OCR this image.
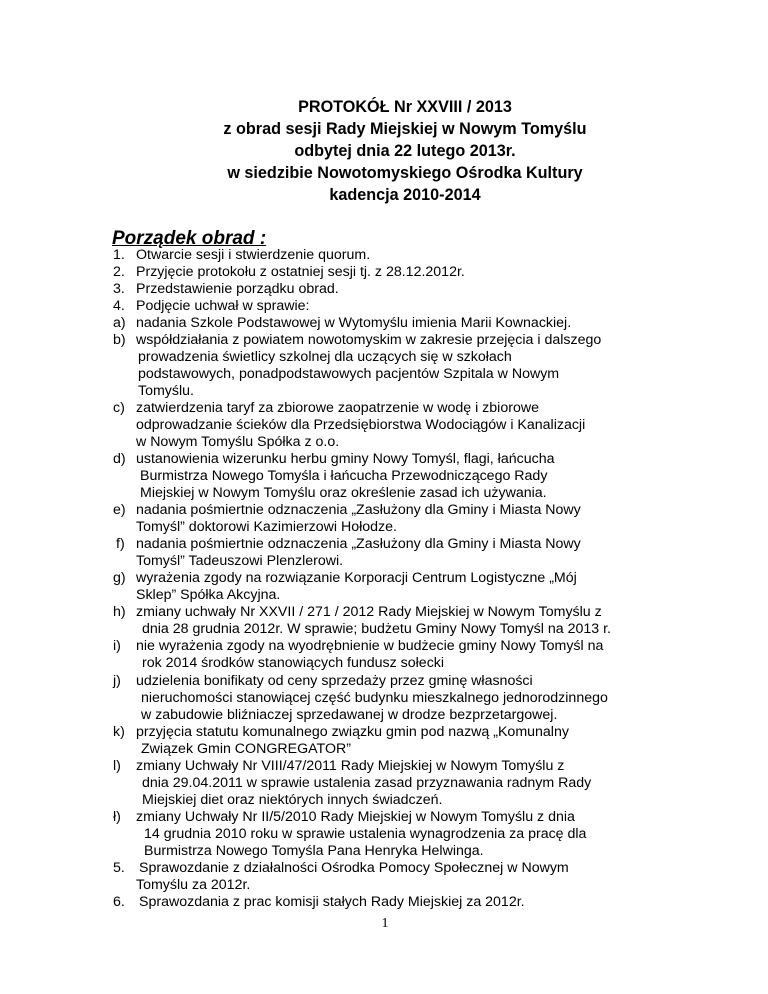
PROTOKÓŁ Nr XXVIII / 2013
z obrad sesji Rady Miejskiej w Nowym Tomyślu
odbytej dnia 22 lutego 2013r.
w siedzibie Nowotomyskiego Ośrodka Kultury
kadencja 2010-2014
Porządek obrad :
1. Otwarcie sesji i stwierdzenie quorum.
2. Przyjęcie protokołu z ostatniej sesji tj. z 28.12.2012r.
3. Przedstawienie porządku obrad.
4. Podjęcie uchwał w sprawie:
a) nadania Szkole Podstawowej w Wytomyślu imienia Marii Kownackiej.
b) współdziałania z powiatem nowotomyskim w zakresie przejęcia i dalszego
prowadzenia świetlicy szkolnej dla uczących się w szkołach
podstawowych, ponadpodstawowych pacjentów Szpitala w Nowym
Tomyślu.
c) zatwierdzenia taryf za zbiorowe zaopatrzenie w wodę i zbiorowe
odprowadzanie ścieków dla Przedsiębiorstwa Wodociągów i Kanalizacji
w Nowym Tomyślu Spółka z o.o.
d) ustanowienia wizerunku herbu gminy Nowy Tomyśl, flagi, łańcucha
Burmistrza Nowego Tomyśla i łańcucha Przewodniczącego Rady
Miejskiej w Nowym Tomyślu oraz określenie zasad ich używania.
e) nadania pośmiertnie odznaczenia „Zasłużony dla Gminy i Miasta Nowy
Tomyśl” doktorowi Kazimierzowi Hołodze.
f) nadania pośmiertnie odznaczenia „Zasłużony dla Gminy i Miasta Nowy
Tomyśl” Tadeuszowi Plenzlerowi.
g) wyrażenia zgody na rozwiązanie Korporacji Centrum Logistyczne „Mój
Sklep” Spółka Akcyjna.
h) zmiany uchwały Nr XXVII / 271 / 2012 Rady Miejskiej w Nowym Tomyślu z
dnia 28 grudnia 2012r. W sprawie; budżetu Gminy Nowy Tomyśl na 2013 r.
i) nie wyrażenia zgody na wyodrębnienie w budżecie gminy Nowy Tomyśl na
rok 2014 środków stanowiących fundusz sołecki
j) udzielenia bonifikaty od ceny sprzedaży przez gminę własności
nieruchomości stanowiącej część budynku mieszkalnego jednorodzinnego
w zabudowie bliźniaczej sprzedawanej w drodze bezprzetargowej.
k) przyjęcia statutu komunalnego związku gmin pod nazwą „Komunalny
Związek Gmin CONGREGATOR”
l) zmiany Uchwały Nr VIII/47/2011 Rady Miejskiej w Nowym Tomyślu z
dnia 29.04.2011 w sprawie ustalenia zasad przyznawania radnym Rady
Miejskiej diet oraz niektórych innych świadczeń.
ł) zmiany Uchwały Nr II/5/2010 Rady Miejskiej w Nowym Tomyślu z dnia
14 grudnia 2010 roku w sprawie ustalenia wynagrodzenia za pracę dla
Burmistrza Nowego Tomyśla Pana Henryka Helwinga.
5. Sprawozdanie z działalności Ośrodka Pomocy Społecznej w Nowym
Tomyślu za 2012r.
6. Sprawozdania z prac komisji stałych Rady Miejskiej za 2012r.
1
